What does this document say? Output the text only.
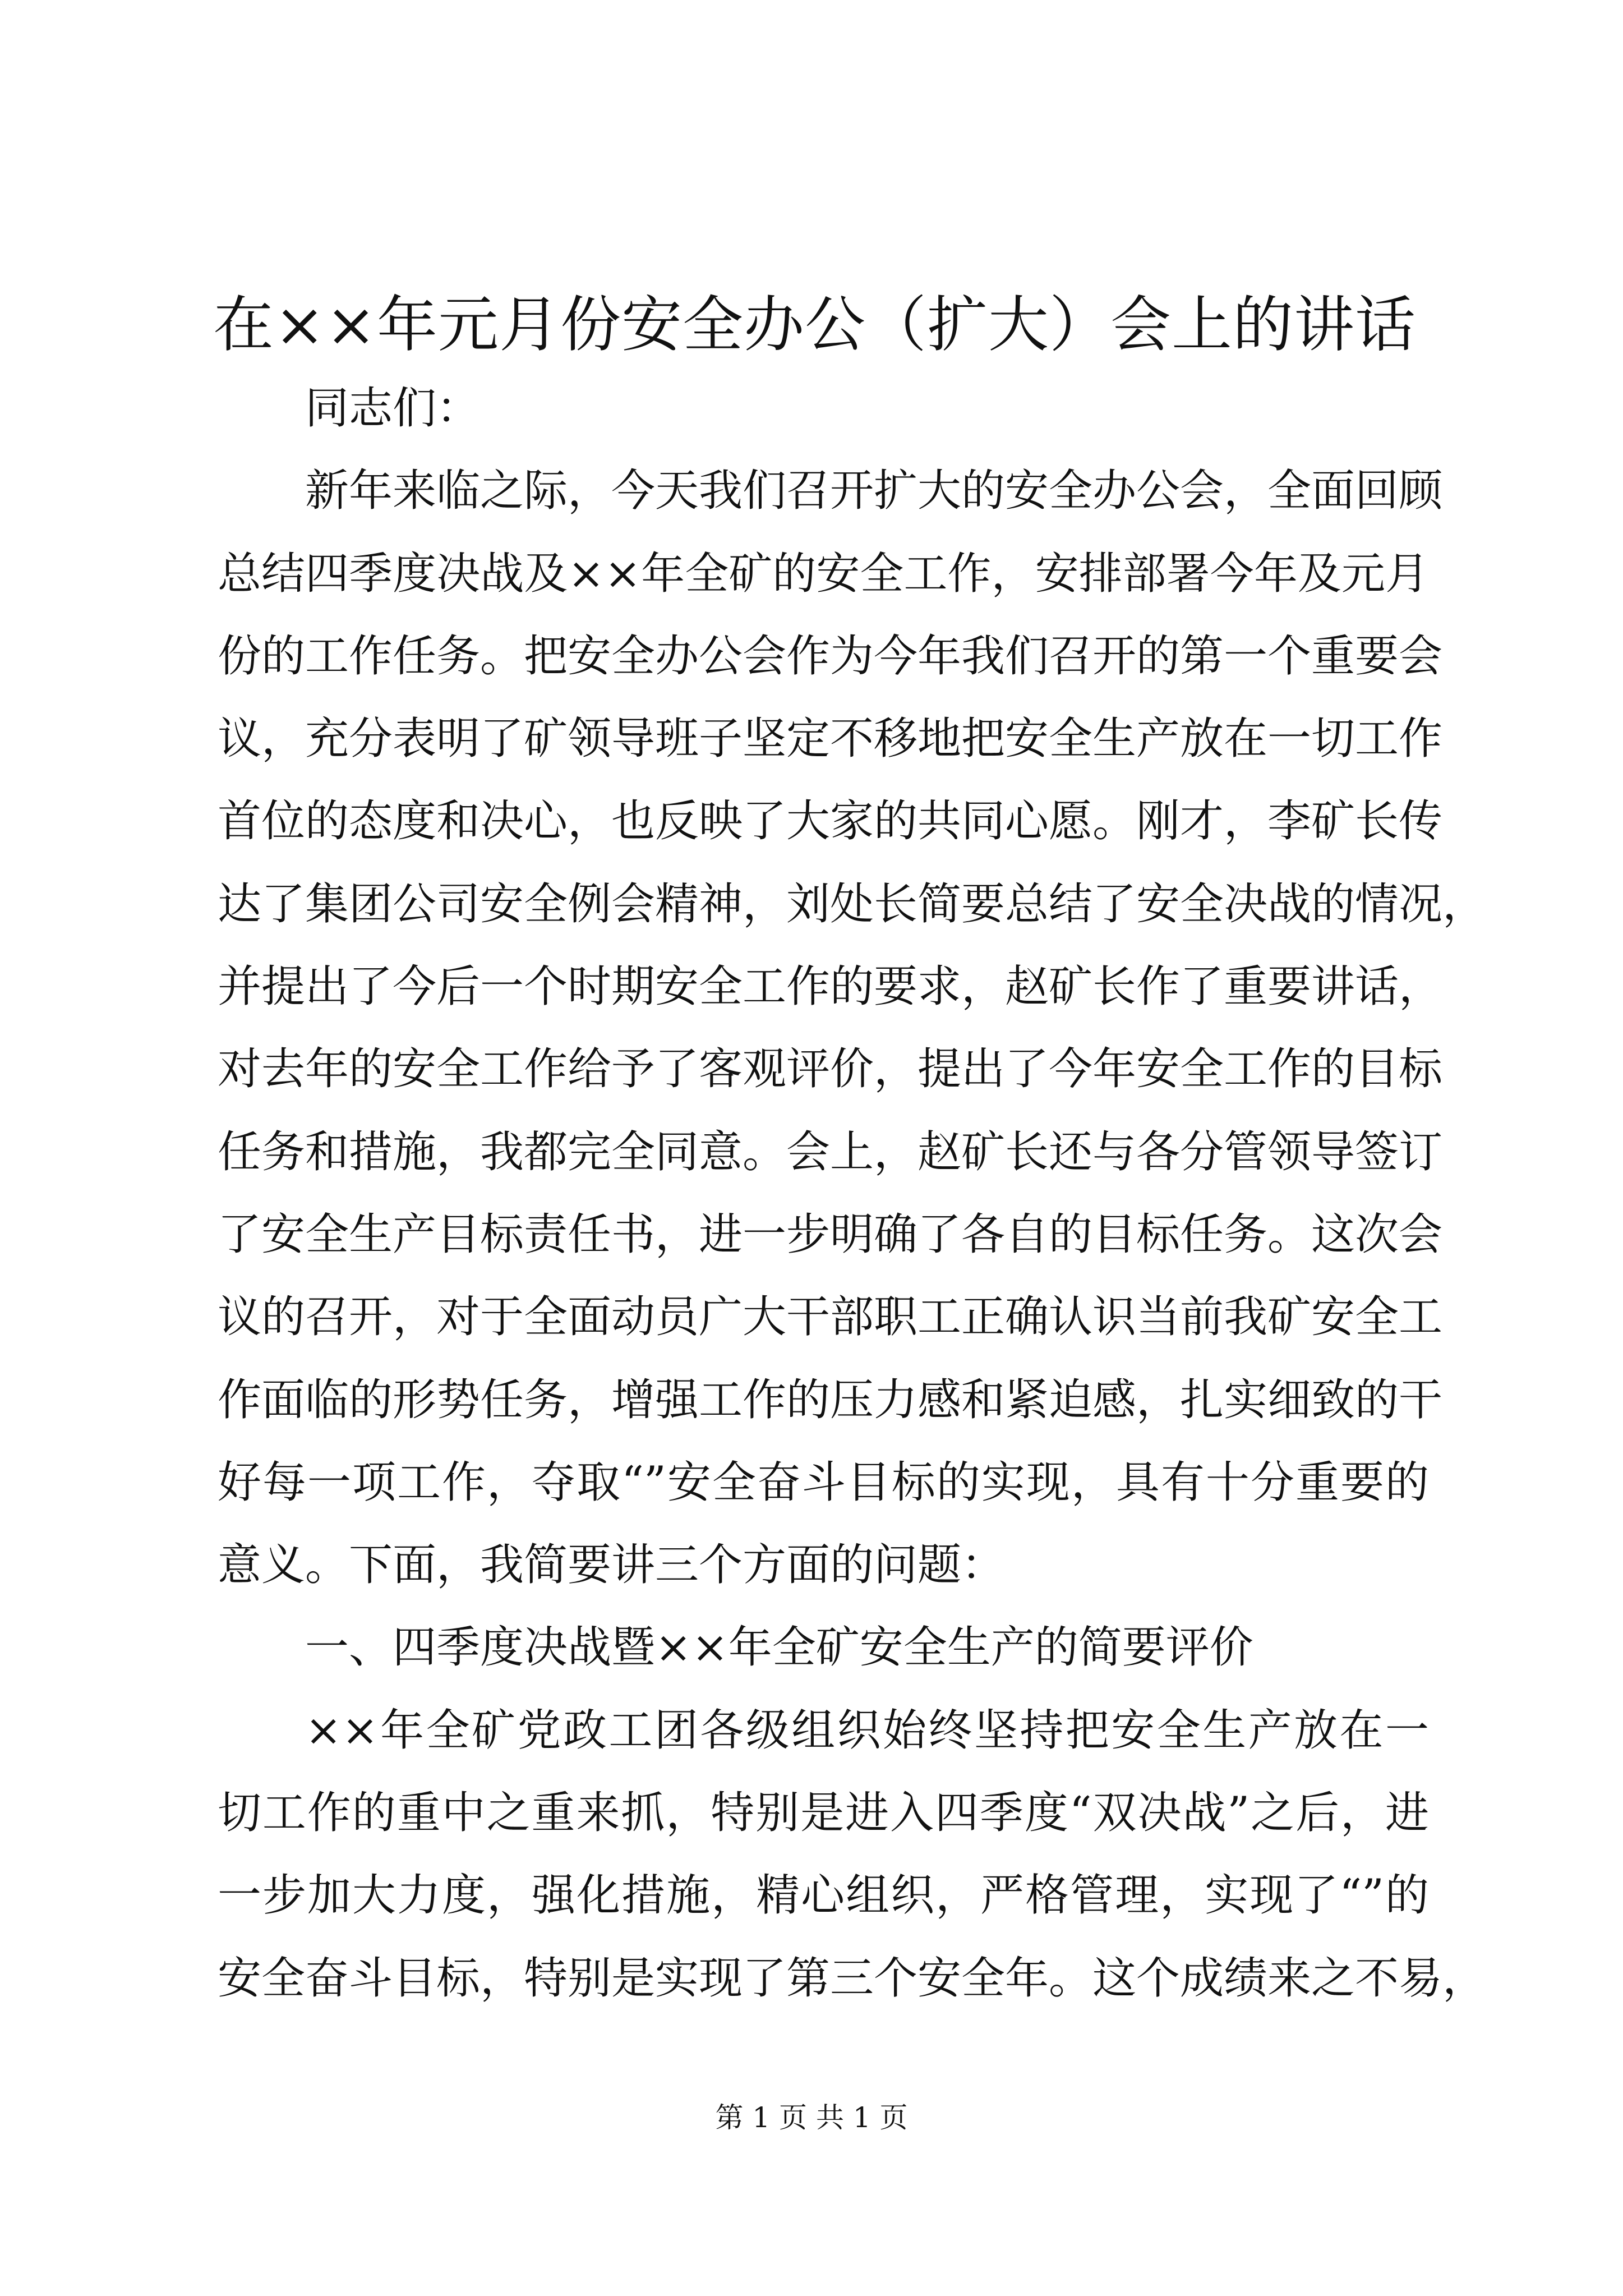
在××年元月份安全办公（扩大）会上的讲话
同志们：
新年来临之际，今天我们召开扩大的安全办公会，全面回顾
总结四季度决战及××年全矿的安全工作，安排部署今年及元月
份的工作任务。把安全办公会作为今年我们召开的第一个重要会
议，充分表明了矿领导班子坚定不移地把安全生产放在一切工作
首位的态度和决心，也反映了大家的共同心愿。刚才，李矿长传
达了集团公司安全例会精神，刘处长简要总结了安全决战的情况，
并提出了今后一个时期安全工作的要求，赵矿长作了重要讲话，
对去年的安全工作给予了客观评价，提出了今年安全工作的目标
任务和措施，我都完全同意。会上，赵矿长还与各分管领导签订
了安全生产目标责任书，进一步明确了各自的目标任务。这次会
议的召开，对于全面动员广大干部职工正确认识当前我矿安全工
作面临的形势任务，增强工作的压力感和紧迫感，扎实细致的干
好每一项工作，夺取“”安全奋斗目标的实现，具有十分重要的
意义。下面，我简要讲三个方面的问题：
一、四季度决战暨××年全矿安全生产的简要评价
××年全矿党政工团各级组织始终坚持把安全生产放在一
切工作的重中之重来抓，特别是进入四季度“双决战”之后，进
一步加大力度，强化措施，精心组织，严格管理，实现了“”的
安全奋斗目标，特别是实现了第三个安全年。这个成绩来之不易，
第 1 页 共 1 页
